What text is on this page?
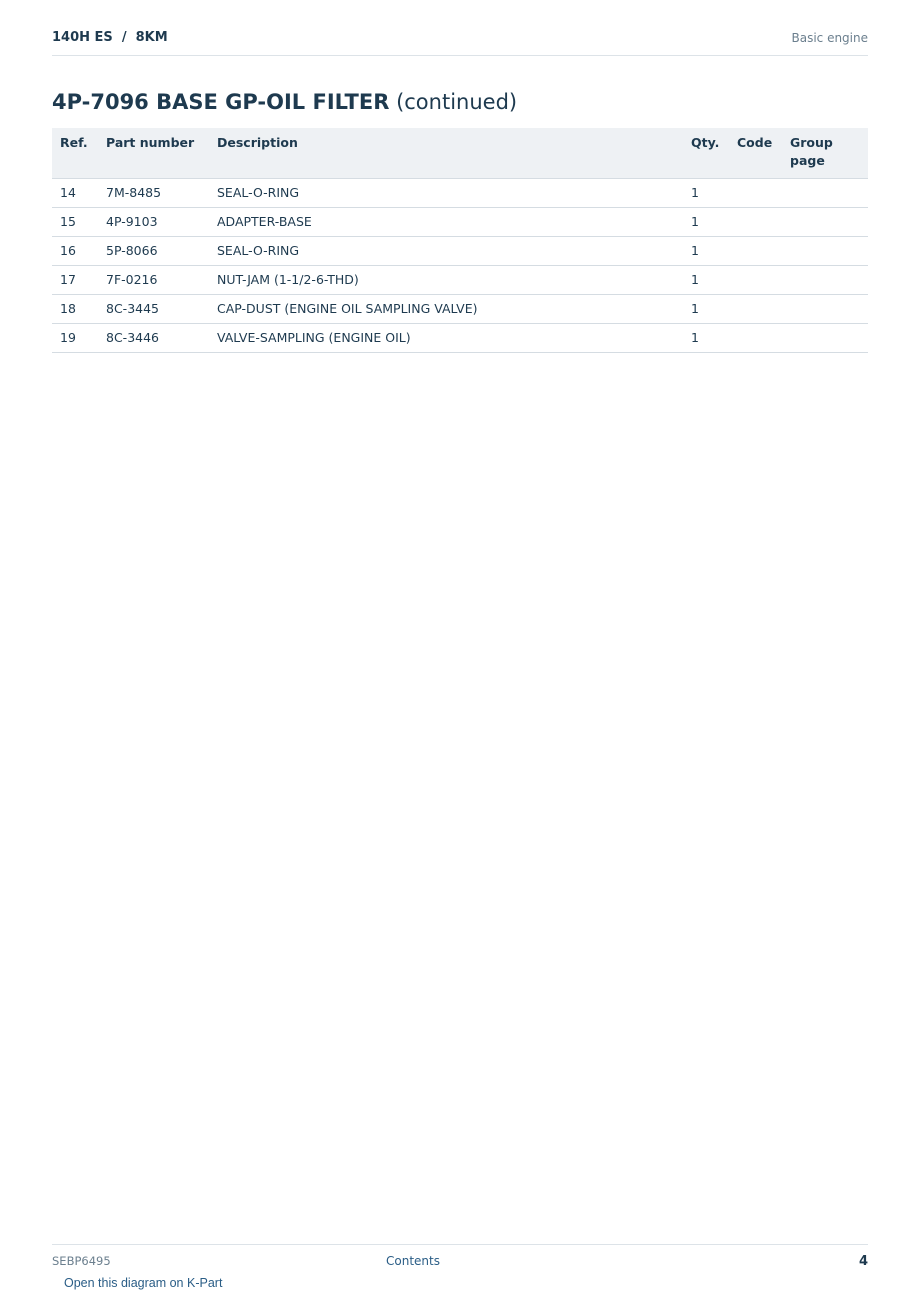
140H ES  /  8KM	Basic engine
4P-7096 BASE GP-OIL FILTER (continued)
Ref.	Part number	Description	Qty.	Code	Group page
14	7M-8485	SEAL-O-RING	1		
15	4P-9103	ADAPTER-BASE	1		
16	5P-8066	SEAL-O-RING	1		
17	7F-0216	NUT-JAM (1-1/2-6-THD)	1		
18	8C-3445	CAP-DUST (ENGINE OIL SAMPLING VALVE)	1		
19	8C-3446	VALVE-SAMPLING (ENGINE OIL)	1		
SEBP6495	Contents	4
Open this diagram on K-Part
